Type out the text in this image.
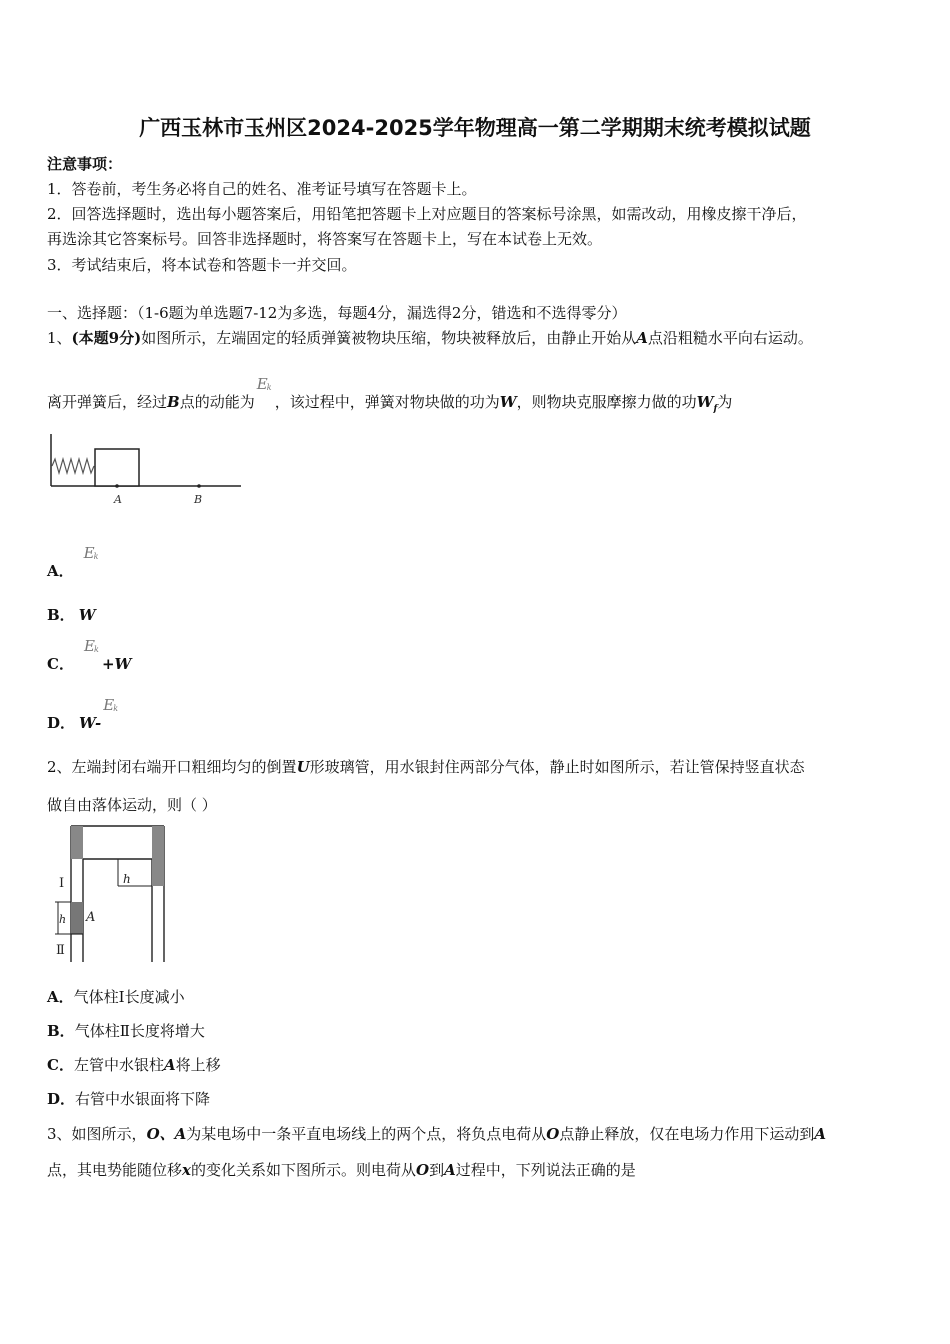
广西玉林市玉州区2024-2025学年物理高一第二学期期末统考模拟试题
注意事项：
1．答卷前，考生务必将自己的姓名、准考证号填写在答题卡上。
2．回答选择题时，选出每小题答案后，用铅笔把答题卡上对应题目的答案标号涂黑，如需改动，用橡皮擦干净后，
再选涂其它答案标号。回答非选择题时，将答案写在答题卡上，写在本试卷上无效。
3．考试结束后，将本试卷和答题卡一并交回。
一、选择题：（1-6题为单选题7-12为多选，每题4分，漏选得2分，错选和不选得零分）
1、(本题9分)如图所示，左端固定的轻质弹簧被物块压缩，物块被释放后，由静止开始从A点沿粗糙水平向右运动。
离开弹簧后，经过B点的动能为
E k
，该过程中，弹簧对物块做的功为W，则物块克服摩擦力做的功$W_f$为
A	B
A．
E k
B． W
C．
E k
+W
D． W-
E k
2、左端封闭右端开口粗细均匀的倒置U形玻璃管，用水银封住两部分气体，静止时如图所示，若让管保持竖直状态
做自由落体运动，则（ ）
h
h A
Ⅰ
Ⅱ
A．气体柱Ⅰ长度减小
B．气体柱Ⅱ长度将增大
C．左管中水银柱A将上移
D．右管中水银面将下降
3、如图所示，O、A为某电场中一条平直电场线上的两个点，将负点电荷从O点静止释放，仅在电场力作用下运动到A
点，其电势能随位移x的变化关系如下图所示。则电荷从O到A过程中，下列说法正确的是
